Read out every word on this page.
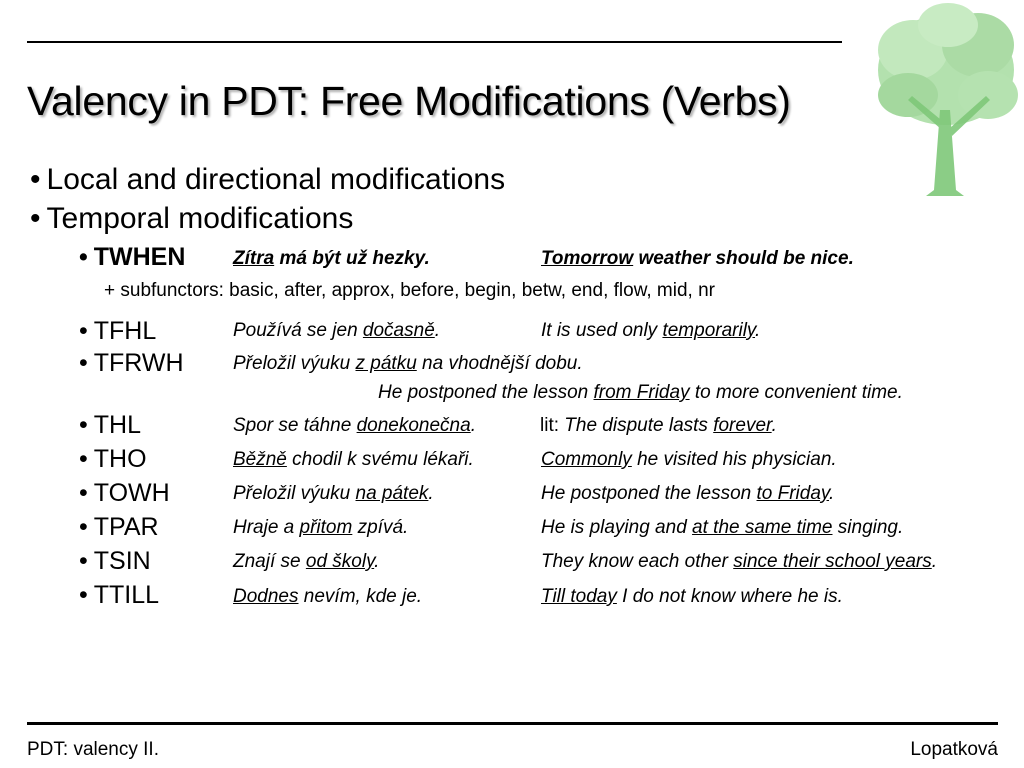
Valency in PDT: Free Modifications (Verbs)
• Local and directional modifications
• Temporal modifications
+ subfunctors: basic, after, approx, before, begin, betw, end, flow, mid, nr
• TWHEN	Zítra má být už hezky.	Tomorrow weather should be nice.
• TFHL	Používá se jen dočasně.	It is used only temporarily.
• TFRWH	Přeložil výuku z pátku na vhodnější dobu.
He postponed the lesson from Friday to more convenient time.
• THL	Spor se táhne donekonečna.	lit: The dispute lasts forever.
• THO	Běžně chodil k svému lékaři.	Commonly he visited his physician.
• TOWH	Přeložil výuku na pátek.	He postponed the lesson to Friday.
• TPAR	Hraje a přitom zpívá.	He is playing and at the same time singing.
• TSIN	Znají se od školy.	They know each other since their school years.
• TTILL	Dodnes nevím, kde je.	Till today I do not know where he is.
PDT: valency II.	Lopatková
